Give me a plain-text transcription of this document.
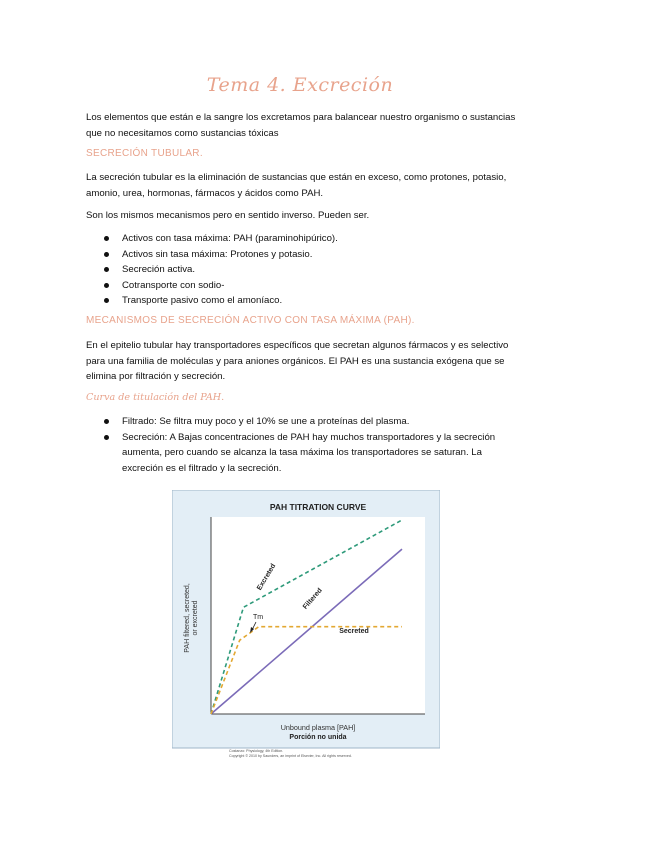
Tema 4. Excreción

Los elementos que están e la sangre los excretamos para balancear nuestro organismo o sustancias que no necesitamos como sustancias tóxicas

SECRECIÓN TUBULAR.

La secreción tubular es la eliminación de sustancias que están en exceso, como protones, potasio, amonio, urea, hormonas, fármacos y ácidos como PAH.

Son los mismos mecanismos pero en sentido inverso. Pueden ser.

Activos con tasa máxima: PAH (paraminohipúrico).
Activos sin tasa máxima: Protones y potasio.
Secreción activa.
Cotransporte con sodio-
Transporte pasivo como el amoníaco.

MECANISMOS DE SECRECIÓN ACTIVO CON TASA MÁXIMA (PAH).

En el epitelio tubular hay transportadores específicos que secretan algunos fármacos y es selectivo para una familia de moléculas y para aniones orgánicos. El PAH es una sustancia exógena que se elimina por filtración y secreción.

Curva de titulación del PAH.

Filtrado: Se filtra muy poco y el 10% se une a proteínas del plasma.
Secreción: A Bajas concentraciones de PAH hay muchos transportadores y la secreción aumenta, pero cuando se alcanza la tasa máxima los transportadores se saturan. La excreción es el filtrado y la secreción.
PAH TITRATION CURVE
PAH filtered, secreted,or excreted
Unbound plasma [PAH]
Porción no unida
Excreted
Filtered
Secreted
Tm
Costanzo: Physiology, 4th Edition.
Copyright © 2010 by Saunders, an imprint of Elsevier, Inc. All rights reserved.
